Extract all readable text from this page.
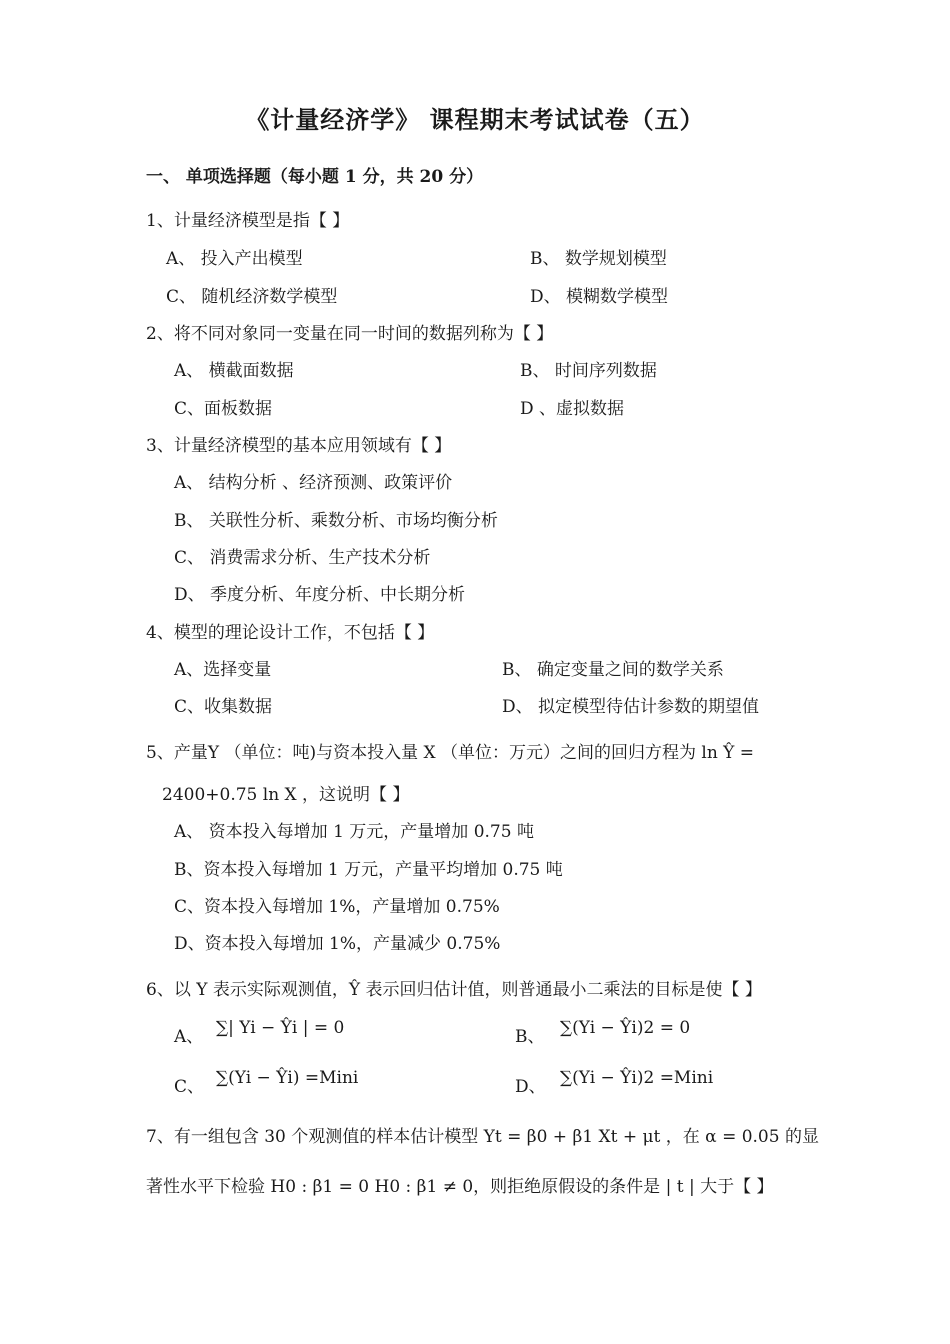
《计量经济学》 课程期末考试试卷（五）
一、 单项选择题（每小题 1 分，共 20 分）
1、计量经济模型是指【 】
A、 投入产出模型	B、 数学规划模型
C、 随机经济数学模型	D、 模糊数学模型
2、将不同对象同一变量在同一时间的数据列称为【 】
A、 横截面数据	B、 时间序列数据
C、面板数据	D 、虚拟数据
3、计量经济模型的基本应用领域有【 】
A、 结构分析 、经济预测、政策评价
B、 关联性分析、乘数分析、市场均衡分析
C、 消费需求分析、生产技术分析
D、 季度分析、年度分析、中长期分析
4、模型的理论设计工作，不包括【 】
A、选择变量	B、 确定变量之间的数学关系
C、收集数据	D、 拟定模型待估计参数的期望值
5、产量Y （单位：吨)与资本投入量 X （单位：万元）之间的回归方程为 ln Ŷ =
2400+0.75 ln X ，这说明【 】
A、 资本投入每增加 1 万元，产量增加 0.75 吨
B、资本投入每增加 1 万元，产量平均增加 0.75 吨
C、资本投入每增加 1%，产量增加 0.75%
D、资本投入每增加 1%，产量减少 0.75%
6、以 Y 表示实际观测值，Ŷ 表示回归估计值，则普通最小二乘法的目标是使【 】
A、 ∑| Yi − Ŷi | = 0	B、 ∑(Yi − Ŷi)2 = 0
C、 ∑(Yi − Ŷi) =Mini	D、 ∑(Yi − Ŷi)2 =Mini
7、有一组包含 30 个观测值的样本估计模型 Yt = β0 + β1 Xt + μt ，在 α = 0.05 的显
著性水平下检验 H0 : β1 = 0 H0 : β1 ≠ 0，则拒绝原假设的条件是 | t | 大于【 】
